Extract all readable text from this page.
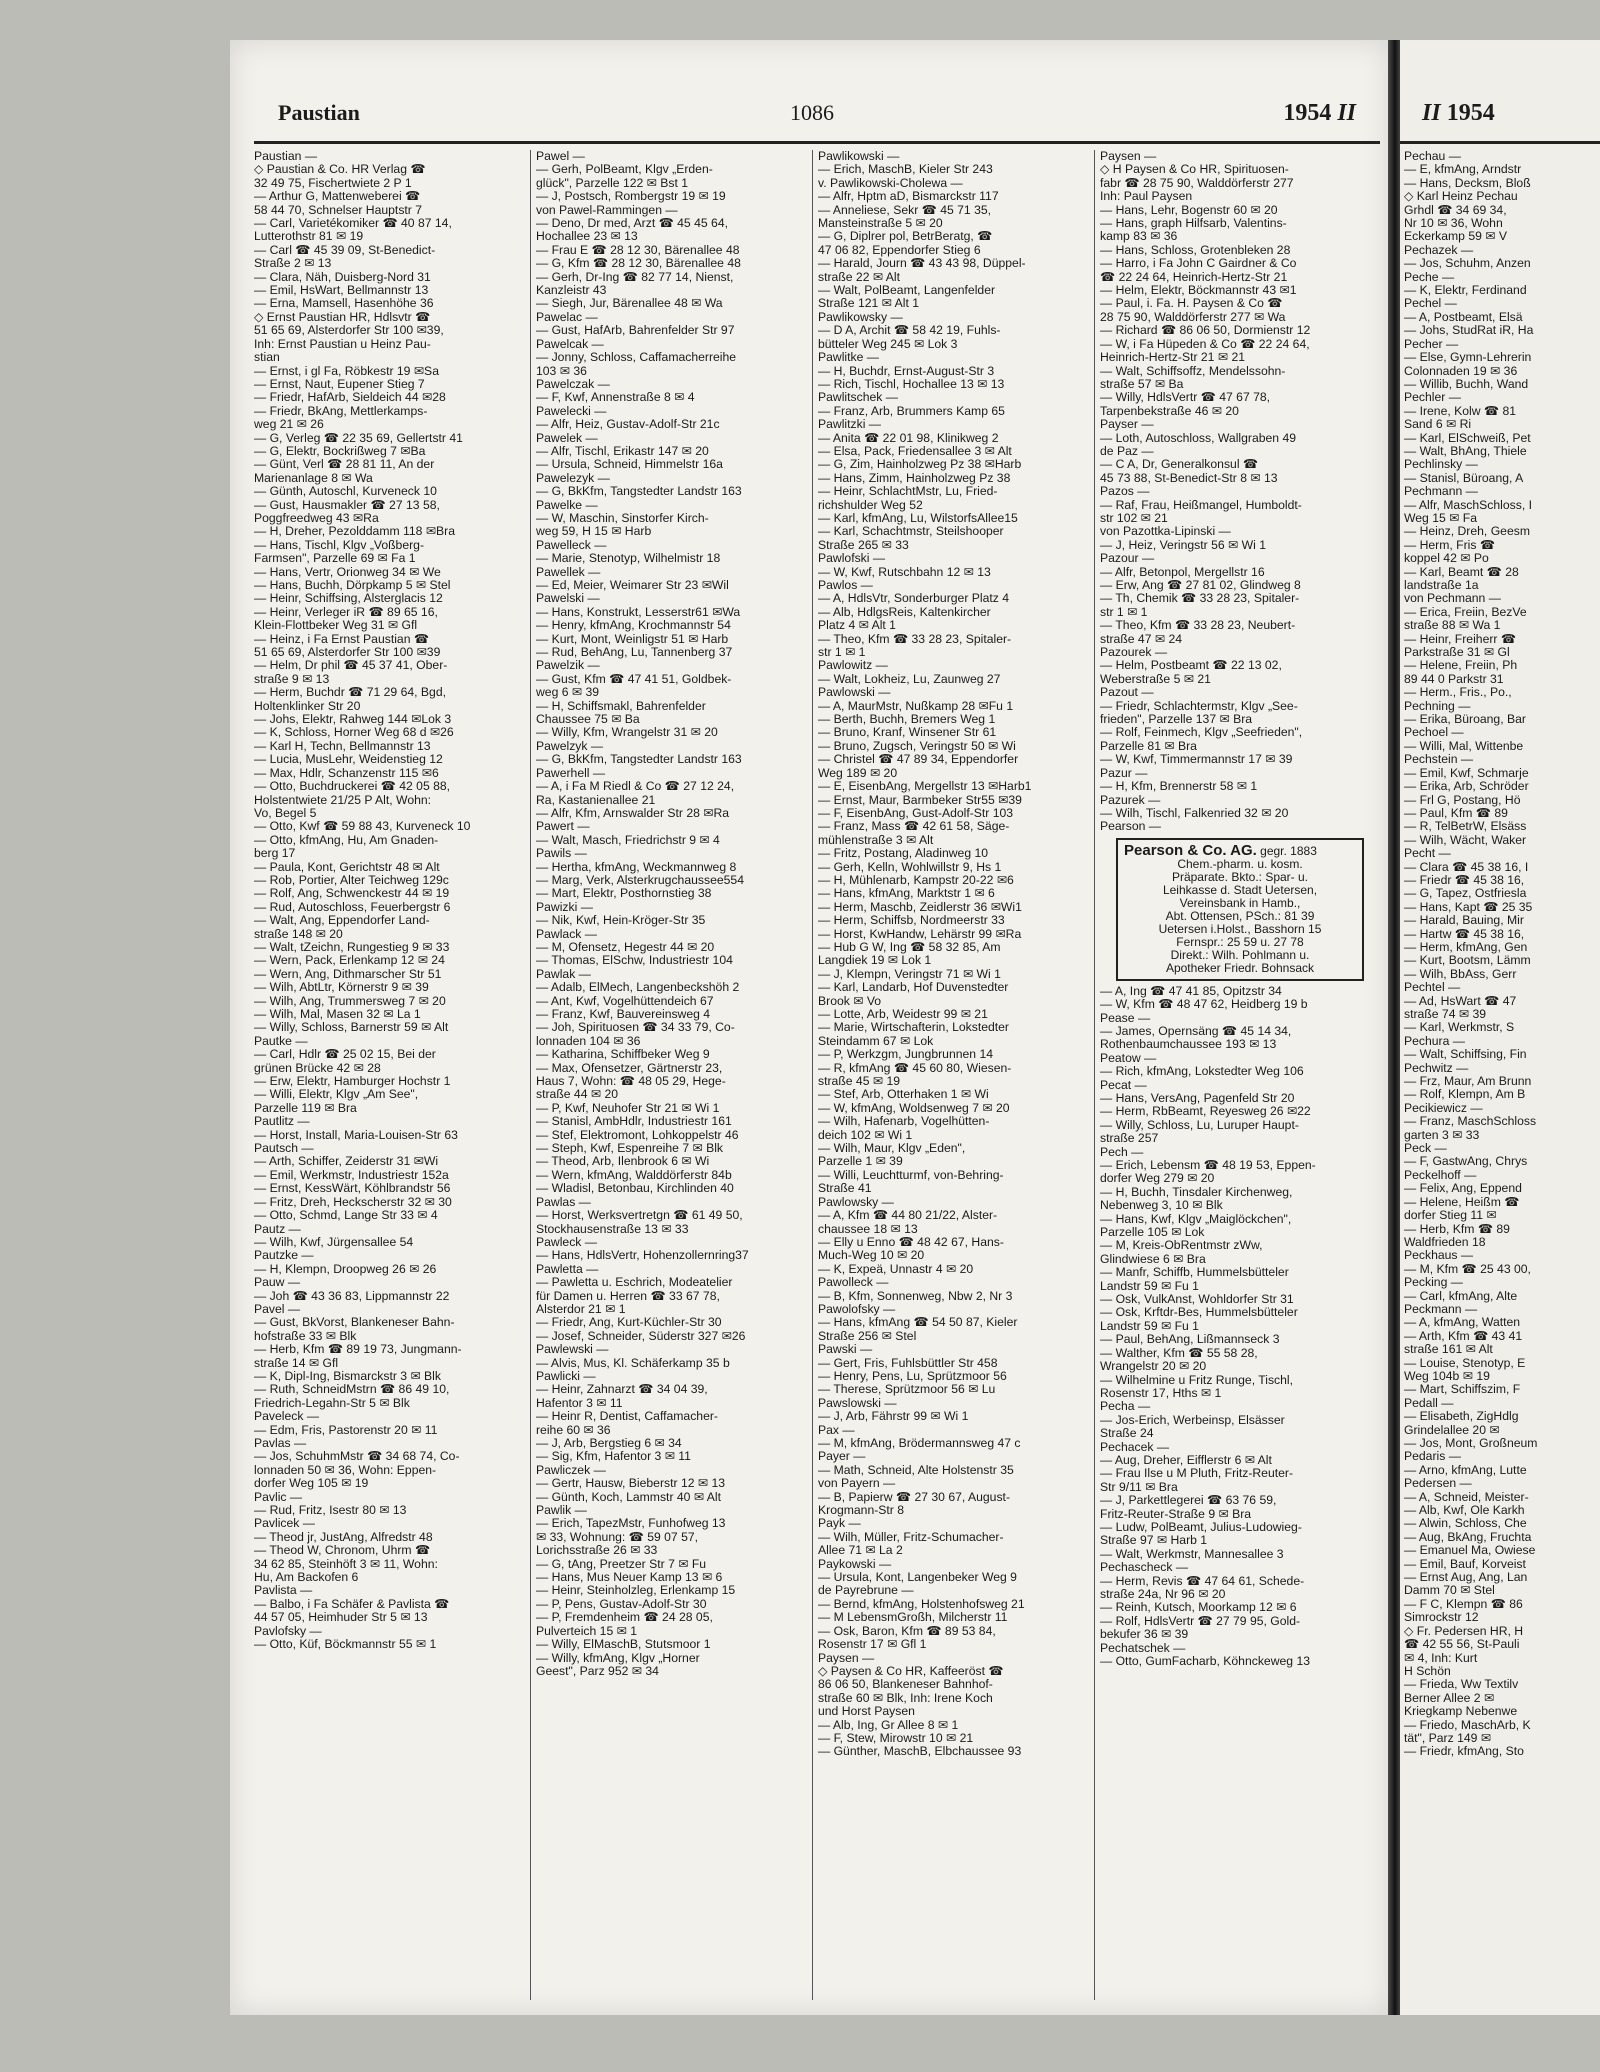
Paustian	1086	1954 II
Paustian —
◇ Paustian & Co. HR Verlag ☎
32 49 75, Fischertwiete 2 P 1
— Arthur G, Mattenweberei ☎
58 44 70, Schnelser Hauptstr 7
— Carl, Varietékomiker ☎ 40 87 14,
Lutterothstr 81 ✉ 19
— Carl ☎ 45 39 09, St-Benedict-
Straße 2 ✉ 13
— Clara, Näh, Duisberg-Nord 31
— Emil, HsWart, Bellmannstr 13
— Erna, Mamsell, Hasenhöhe 36
◇ Ernst Paustian HR, Hdlsvtr ☎
51 65 69, Alsterdorfer Str 100 ✉39,
Inh: Ernst Paustian u Heinz Pau-
stian
— Ernst, i gl Fa, Röbkestr 19 ✉Sa
— Ernst, Naut, Eupener Stieg 7
— Friedr, HafArb, Sieldeich 44 ✉28
— Friedr, BkAng, Mettlerkamps-
weg 21 ✉ 26
— G, Verleg ☎ 22 35 69, Gellertstr 41
— G, Elektr, Bockrißweg 7 ✉Ba
— Günt, Verl ☎ 28 81 11, An der
Marienanlage 8 ✉ Wa
— Günth, Autoschl, Kurveneck 10
— Gust, Hausmakler ☎ 27 13 58,
Poggfreedweg 43 ✉Ra
— H, Dreher, Pezolddamm 118 ✉Bra
— Hans, Tischl, Klgv „Voßberg-
Farmsen", Parzelle 69 ✉ Fa 1
— Hans, Vertr, Orionweg 34 ✉ We
— Hans, Buchh, Dörpkamp 5 ✉ Stel
— Heinr, Schiffsing, Alsterglacis 12
— Heinr, Verleger iR ☎ 89 65 16,
Klein-Flottbeker Weg 31 ✉ Gfl
— Heinz, i Fa Ernst Paustian ☎
51 65 69, Alsterdorfer Str 100 ✉39
— Helm, Dr phil ☎ 45 37 41, Ober-
straße 9 ✉ 13
— Herm, Buchdr ☎ 71 29 64, Bgd,
Holtenklinker Str 20
— Johs, Elektr, Rahweg 144 ✉Lok 3
— K, Schloss, Horner Weg 68 d ✉26
— Karl H, Techn, Bellmannstr 13
— Lucia, MusLehr, Weidenstieg 12
— Max, Hdlr, Schanzenstr 115 ✉6
— Otto, Buchdruckerei ☎ 42 05 88,
Holstentwiete 21/25 P Alt, Wohn:
Vo, Begel 5
— Otto, Kwf ☎ 59 88 43, Kurveneck 10
— Otto, kfmAng, Hu, Am Gnaden-
berg 17
— Paula, Kont, Gerichtstr 48 ✉ Alt
— Rob, Portier, Alter Teichweg 129c
— Rolf, Ang, Schwenckestr 44 ✉ 19
— Rud, Autoschloss, Feuerbergstr 6
— Walt, Ang, Eppendorfer Land-
straße 148 ✉ 20
— Walt, tZeichn, Rungestieg 9 ✉ 33
— Wern, Pack, Erlenkamp 12 ✉ 24
— Wern, Ang, Dithmarscher Str 51
— Wilh, AbtLtr, Körnerstr 9 ✉ 39
— Wilh, Ang, Trummersweg 7 ✉ 20
— Wilh, Mal, Masen 32 ✉ La 1
— Willy, Schloss, Barnerstr 59 ✉ Alt
Pautke —
— Carl, Hdlr ☎ 25 02 15, Bei der
grünen Brücke 42 ✉ 28
— Erw, Elektr, Hamburger Hochstr 1
— Willi, Elektr, Klgv „Am See",
Parzelle 119 ✉ Bra
Pautlitz —
— Horst, Install, Maria-Louisen-Str 63
Pautsch —
— Arth, Schiffer, Zeiderstr 31 ✉Wi
— Emil, Werkmstr, Industriestr 152a
— Ernst, KessWärt, Köhlbrandstr 56
— Fritz, Dreh, Heckscherstr 32 ✉ 30
— Otto, Schmd, Lange Str 33 ✉ 4
Pautz —
— Wilh, Kwf, Jürgensallee 54
Pautzke —
— H, Klempn, Droopweg 26 ✉ 26
Pauw —
— Joh ☎ 43 36 83, Lippmannstr 22
Pavel —
— Gust, BkVorst, Blankeneser Bahn-
hofstraße 33 ✉ Blk
— Herb, Kfm ☎ 89 19 73, Jungmann-
straße 14 ✉ Gfl
— K, Dipl-Ing, Bismarckstr 3 ✉ Blk
— Ruth, SchneidMstrn ☎ 86 49 10,
Friedrich-Legahn-Str 5 ✉ Blk
Paveleck —
— Edm, Fris, Pastorenstr 20 ✉ 11
Pavlas —
— Jos, SchuhmMstr ☎ 34 68 74, Co-
lonnaden 50 ✉ 36, Wohn: Eppen-
dorfer Weg 105 ✉ 19
Pavlic —
— Rud, Fritz, Isestr 80 ✉ 13
Pavlicek —
— Theod jr, JustAng, Alfredstr 48
— Theod W, Chronom, Uhrm ☎
34 62 85, Steinhöft 3 ✉ 11, Wohn:
Hu, Am Backofen 6
Pavlista —
— Balbo, i Fa Schäfer & Pavlista ☎
44 57 05, Heimhuder Str 5 ✉ 13
Pavlofsky —
— Otto, Küf, Böckmannstr 55 ✉ 1
Pawel —
— Gerh, PolBeamt, Klgv „Erden-
glück", Parzelle 122 ✉ Bst 1
— J, Postsch, Rombergstr 19 ✉ 19
von Pawel-Rammingen —
— Deno, Dr med, Arzt ☎ 45 45 64,
Hochallee 23 ✉ 13
— Frau E ☎ 28 12 30, Bärenallee 48
— G, Kfm ☎ 28 12 30, Bärenallee 48
— Gerh, Dr-Ing ☎ 82 77 14, Nienst,
Kanzleistr 43
— Siegh, Jur, Bärenallee 48 ✉ Wa
Pawelac —
— Gust, HafArb, Bahrenfelder Str 97
Pawelcak —
— Jonny, Schloss, Caffamacherreihe
103 ✉ 36
Pawelczak —
— F, Kwf, Annenstraße 8 ✉ 4
Pawelecki —
— Alfr, Heiz, Gustav-Adolf-Str 21c
Pawelek —
— Alfr, Tischl, Erikastr 147 ✉ 20
— Ursula, Schneid, Himmelstr 16a
Pawelezyk —
— G, BkKfm, Tangstedter Landstr 163
Pawelke —
— W, Maschin, Sinstorfer Kirch-
weg 59, H 15 ✉ Harb
Pawelleck —
— Marie, Stenotyp, Wilhelmistr 18
Pawellek —
— Ed, Meier, Weimarer Str 23 ✉Wil
Pawelski —
— Hans, Konstrukt, Lesserstr61 ✉Wa
— Henry, kfmAng, Krochmannstr 54
— Kurt, Mont, Weinligstr 51 ✉ Harb
— Rud, BehAng, Lu, Tannenberg 37
Pawelzik —
— Gust, Kfm ☎ 47 41 51, Goldbek-
weg 6 ✉ 39
— H, Schiffsmakl, Bahrenfelder
Chaussee 75 ✉ Ba
— Willy, Kfm, Wrangelstr 31 ✉ 20
Pawelzyk —
— G, BkKfm, Tangstedter Landstr 163
Pawerhell —
— A, i Fa M Riedl & Co ☎ 27 12 24,
Ra, Kastanienallee 21
— Alfr, Kfm, Arnswalder Str 28 ✉Ra
Pawert —
— Walt, Masch, Friedrichstr 9 ✉ 4
Pawils —
— Hertha, kfmAng, Weckmannweg 8
— Marg, Verk, Alsterkrugchaussee554
— Mart, Elektr, Posthornstieg 38
Pawizki —
— Nik, Kwf, Hein-Kröger-Str 35
Pawlack —
— M, Ofensetz, Hegestr 44 ✉ 20
— Thomas, ElSchw, Industriestr 104
Pawlak —
— Adalb, ElMech, Langenbeckshöh 2
— Ant, Kwf, Vogelhüttendeich 67
— Franz, Kwf, Bauvereinsweg 4
— Joh, Spirituosen ☎ 34 33 79, Co-
lonnaden 104 ✉ 36
— Katharina, Schiffbeker Weg 9
— Max, Ofensetzer, Gärtnerstr 23,
Haus 7, Wohn: ☎ 48 05 29, Hege-
straße 44 ✉ 20
— P, Kwf, Neuhofer Str 21 ✉ Wi 1
— Stanisl, AmbHdlr, Industriestr 161
— Stef, Elektromont, Lohkoppelstr 46
— Steph, Kwf, Espenreihe 7 ✉ Blk
— Theod, Arb, Ilenbrook 6 ✉ Wi
— Wern, kfmAng, Walddörferstr 84b
— Wladisl, Betonbau, Kirchlinden 40
Pawlas —
— Horst, Werksvertretgn ☎ 61 49 50,
Stockhausenstraße 13 ✉ 33
Pawleck —
— Hans, HdlsVertr, Hohenzollernring37
Pawletta —
— Pawletta u. Eschrich, Modeatelier
für Damen u. Herren ☎ 33 67 78,
Alsterdor 21 ✉ 1
— Friedr, Ang, Kurt-Küchler-Str 30
— Josef, Schneider, Süderstr 327 ✉26
Pawlewski —
— Alvis, Mus, Kl. Schäferkamp 35 b
Pawlicki —
— Heinr, Zahnarzt ☎ 34 04 39,
Hafentor 3 ✉ 11
— Heinr R, Dentist, Caffamacher-
reihe 60 ✉ 36
— J, Arb, Bergstieg 6 ✉ 34
— Sig, Kfm, Hafentor 3 ✉ 11
Pawliczek —
— Gertr, Hausw, Bieberstr 12 ✉ 13
— Günth, Koch, Lammstr 40 ✉ Alt
Pawlik —
— Erich, TapezMstr, Funhofweg 13
✉ 33, Wohnung: ☎ 59 07 57,
Lorichsstraße 26 ✉ 33
— G, tAng, Preetzer Str 7 ✉ Fu
— Hans, Mus Neuer Kamp 13 ✉ 6
— Heinr, Steinholzleg, Erlenkamp 15
— P, Pens, Gustav-Adolf-Str 30
— P, Fremdenheim ☎ 24 28 05,
Pulverteich 15 ✉ 1
— Willy, ElMaschB, Stutsmoor 1
— Willy, kfmAng, Klgv „Horner
Geest", Parz 952 ✉ 34
Pawlikowski —
— Erich, MaschB, Kieler Str 243
v. Pawlikowski-Cholewa —
— Alfr, Hptm aD, Bismarckstr 117
— Anneliese, Sekr ☎ 45 71 35,
Mansteinstraße 5 ✉ 20
— G, Diplrer pol, BetrBeratg, ☎
47 06 82, Eppendorfer Stieg 6
— Harald, Journ ☎ 43 43 98, Düppel-
straße 22 ✉ Alt
— Walt, PolBeamt, Langenfelder
Straße 121 ✉ Alt 1
Pawlikowsky —
— D A, Archit ☎ 58 42 19, Fuhls-
bütteler Weg 245 ✉ Lok 3
Pawlitke —
— H, Buchdr, Ernst-August-Str 3
— Rich, Tischl, Hochallee 13 ✉ 13
Pawlitschek —
— Franz, Arb, Brummers Kamp 65
Pawlitzki —
— Anita ☎ 22 01 98, Klinikweg 2
— Elsa, Pack, Friedensallee 3 ✉ Alt
— G, Zim, Hainholzweg Pz 38 ✉Harb
— Hans, Zimm, Hainholzweg Pz 38
— Heinr, SchlachtMstr, Lu, Fried-
richshulder Weg 52
— Karl, kfmAng, Lu, WilstorfsAllee15
— Karl, Schachtmstr, Steilshooper
Straße 265 ✉ 33
Pawlofski —
— W, Kwf, Rutschbahn 12 ✉ 13
Pawlos —
— A, HdlsVtr, Sonderburger Platz 4
— Alb, HdlgsReis, Kaltenkircher
Platz 4 ✉ Alt 1
— Theo, Kfm ☎ 33 28 23, Spitaler-
str 1 ✉ 1
Pawlowitz —
— Walt, Lokheiz, Lu, Zaunweg 27
Pawlowski —
— A, MaurMstr, Nußkamp 28 ✉Fu 1
— Berth, Buchh, Bremers Weg 1
— Bruno, Kranf, Winsener Str 61
— Bruno, Zugsch, Veringstr 50 ✉ Wi
— Christel ☎ 47 89 34, Eppendorfer
Weg 189 ✉ 20
— E, EisenbAng, Mergellstr 13 ✉Harb1
— Ernst, Maur, Barmbeker Str55 ✉39
— F, EisenbAng, Gust-Adolf-Str 103
— Franz, Mass ☎ 42 61 58, Säge-
mühlenstraße 3 ✉ Alt
— Fritz, Postang, Aladinweg 10
— Gerh, Kelln, Wohlwillstr 9, Hs 1
— H, Mühlenarb, Kampstr 20-22 ✉6
— Hans, kfmAng, Marktstr 1 ✉ 6
— Herm, Maschb, Zeidlerstr 36 ✉Wi1
— Herm, Schiffsb, Nordmeerstr 33
— Horst, KwHandw, Lehärstr 99 ✉Ra
— Hub G W, Ing ☎ 58 32 85, Am
Langdiek 19 ✉ Lok 1
— J, Klempn, Veringstr 71 ✉ Wi 1
— Karl, Landarb, Hof Duvenstedter
Brook ✉ Vo
— Lotte, Arb, Weidestr 99 ✉ 21
— Marie, Wirtschafterin, Lokstedter
Steindamm 67 ✉ Lok
— P, Werkzgm, Jungbrunnen 14
— R, kfmAng ☎ 45 60 80, Wiesen-
straße 45 ✉ 19
— Stef, Arb, Otterhaken 1 ✉ Wi
— W, kfmAng, Woldsenweg 7 ✉ 20
— Wilh, Hafenarb, Vogelhütten-
deich 102 ✉ Wi 1
— Wilh, Maur, Klgv „Eden",
Parzelle 1 ✉ 39
— Willi, Leuchtturmf, von-Behring-
Straße 41
Pawlowsky —
— A, Kfm ☎ 44 80 21/22, Alster-
chaussee 18 ✉ 13
— Elly u Enno ☎ 48 42 67, Hans-
Much-Weg 10 ✉ 20
— K, Expeä, Unnastr 4 ✉ 20
Pawolleck —
— B, Kfm, Sonnenweg, Nbw 2, Nr 3
Pawolofsky —
— Hans, kfmAng ☎ 54 50 87, Kieler
Straße 256 ✉ Stel
Pawski —
— Gert, Fris, Fuhlsbüttler Str 458
— Henry, Pens, Lu, Sprützmoor 56
— Therese, Sprützmoor 56 ✉ Lu
Pawslowski —
— J, Arb, Fährstr 99 ✉ Wi 1
Pax —
— M, kfmAng, Brödermannsweg 47 c
Payer —
— Math, Schneid, Alte Holstenstr 35
von Payern —
— B, Papierw ☎ 27 30 67, August-
Krogmann-Str 8
Payk —
— Wilh, Müller, Fritz-Schumacher-
Allee 71 ✉ La 2
Paykowski —
— Ursula, Kont, Langenbeker Weg 9
de Payrebrune —
— Bernd, kfmAng, Holstenhofsweg 21
— M LebensmGroßh, Milcherstr 11
— Osk, Baron, Kfm ☎ 89 53 84,
Rosenstr 17 ✉ Gfl 1
Paysen —
◇ Paysen & Co HR, Kaffeeröst ☎
86 06 50, Blankeneser Bahnhof-
straße 60 ✉ Blk, Inh: Irene Koch
und Horst Paysen
— Alb, Ing, Gr Allee 8 ✉ 1
— F, Stew, Mirowstr 10 ✉ 21
— Günther, MaschB, Elbchaussee 93
Paysen —
◇ H Paysen & Co HR, Spirituosen-
fabr ☎ 28 75 90, Walddörferstr 277
Inh: Paul Paysen
— Hans, Lehr, Bogenstr 60 ✉ 20
— Hans, graph Hilfsarb, Valentins-
kamp 83 ✉ 36
— Hans, Schloss, Grotenbleken 28
— Harro, i Fa John C Gairdner & Co
☎ 22 24 64, Heinrich-Hertz-Str 21
— Helm, Elektr, Böckmannstr 43 ✉1
— Paul, i. Fa. H. Paysen & Co ☎
28 75 90, Walddörferstr 277 ✉ Wa
— Richard ☎ 86 06 50, Dormienstr 12
— W, i Fa Hüpeden & Co ☎ 22 24 64,
Heinrich-Hertz-Str 21 ✉ 21
— Walt, Schiffsoffz, Mendelssohn-
straße 57 ✉ Ba
— Willy, HdlsVertr ☎ 47 67 78,
Tarpenbekstraße 46 ✉ 20
Payser —
— Loth, Autoschloss, Wallgraben 49
de Paz —
— C A, Dr, Generalkonsul ☎
45 73 88, St-Benedict-Str 8 ✉ 13
Pazos —
— Raf, Frau, Heißmangel, Humboldt-
str 102 ✉ 21
von Pazottka-Lipinski —
— J, Heiz, Veringstr 56 ✉ Wi 1
Pazour —
— Alfr, Betonpol, Mergellstr 16
— Erw, Ang ☎ 27 81 02, Glindweg 8
— Th, Chemik ☎ 33 28 23, Spitaler-
str 1 ✉ 1
— Theo, Kfm ☎ 33 28 23, Neubert-
straße 47 ✉ 24
Pazourek —
— Helm, Postbeamt ☎ 22 13 02,
Weberstraße 5 ✉ 21
Pazout —
— Friedr, Schlachtermstr, Klgv „See-
frieden", Parzelle 137 ✉ Bra
— Rolf, Feinmech, Klgv „Seefrieden",
Parzelle 81 ✉ Bra
— W, Kwf, Timmermannstr 17 ✉ 39
Pazur —
— H, Kfm, Brennerstr 58 ✉ 1
Pazurek —
— Wilh, Tischl, Falkenried 32 ✉ 20
Pearson —
Pearson & Co. AG. gegr. 1883
Chem.-pharm. u. kosm.
Präparate. Bkto.: Spar- u.
Leihkasse d. Stadt Uetersen,
Vereinsbank in Hamb.,
Abt. Ottensen, PSch.: 81 39
Uetersen i.Holst., Basshorn 15
Fernspr.: 25 59 u. 27 78
Direkt.: Wilh. Pohlmann u.
Apotheker Friedr. Bohnsack
— A, Ing ☎ 47 41 85, Opitzstr 34
— W, Kfm ☎ 48 47 62, Heidberg 19 b
Pease —
— James, Opernsäng ☎ 45 14 34,
Rothenbaumchaussee 193 ✉ 13
Peatow —
— Rich, kfmAng, Lokstedter Weg 106
Pecat —
— Hans, VersAng, Pagenfeld Str 20
— Herm, RbBeamt, Reyesweg 26 ✉22
— Willy, Schloss, Lu, Luruper Haupt-
straße 257
Pech —
— Erich, Lebensm ☎ 48 19 53, Eppen-
dorfer Weg 279 ✉ 20
— H, Buchh, Tinsdaler Kirchenweg,
Nebenweg 3, 10 ✉ Blk
— Hans, Kwf, Klgv „Maiglöckchen",
Parzelle 105 ✉ Lok
— M, Kreis-ObRentmstr zWw,
Glindwiese 6 ✉ Bra
— Manfr, Schiffb, Hummelsbütteler
Landstr 59 ✉ Fu 1
— Osk, VulkAnst, Wohldorfer Str 31
— Osk, Krftdr-Bes, Hummelsbütteler
Landstr 59 ✉ Fu 1
— Paul, BehAng, Lißmannseck 3
— Walther, Kfm ☎ 55 58 28,
Wrangelstr 20 ✉ 20
— Wilhelmine u Fritz Runge, Tischl,
Rosenstr 17, Hths ✉ 1
Pecha —
— Jos-Erich, Werbeinsp, Elsässer
Straße 24
Pechacek —
— Aug, Dreher, Eifflerstr 6 ✉ Alt
— Frau Ilse u M Pluth, Fritz-Reuter-
Str 9/11 ✉ Bra
— J, Parkettlegerei ☎ 63 76 59,
Fritz-Reuter-Straße 9 ✉ Bra
— Ludw, PolBeamt, Julius-Ludowieg-
Straße 97 ✉ Harb 1
— Walt, Werkmstr, Mannesallee 3
Pechascheck —
— Herm, Revis ☎ 47 64 61, Schede-
straße 24a, Nr 96 ✉ 20
— Reinh, Kutsch, Moorkamp 12 ✉ 6
— Rolf, HdlsVertr ☎ 27 79 95, Gold-
bekufer 36 ✉ 39
Pechatschek —
— Otto, GumFacharb, Köhnckeweg 13
II 1954
Pechau —
— E, kfmAng, Arndstr
— Hans, Decksm, Bloß
◇ Karl Heinz Pechau
Grhdl ☎ 34 69 34,
Nr 10 ✉ 36, Wohn
Eckerkamp 59 ✉ V
Pechazek —
— Jos, Schuhm, Anzen
Peche —
— K, Elektr, Ferdinand
Pechel —
— A, Postbeamt, Elsä
— Johs, StudRat iR, Ha
Pecher —
— Else, Gymn-Lehrerin
Colonnaden 19 ✉ 36
— Willib, Buchh, Wand
Pechler —
— Irene, Kolw ☎ 81
Sand 6 ✉ Ri
— Karl, ElSchweiß, Pet
— Walt, BhAng, Thiele
Pechlinsky —
— Stanisl, Büroang, A
Pechmann —
— Alfr, MaschSchloss, I
Weg 15 ✉ Fa
— Heinz, Dreh, Geesm
— Herm, Fris ☎
koppel 42 ✉ Po
— Karl, Beamt ☎ 28
landstraße 1a
von Pechmann —
— Erica, Freiin, BezVe
straße 88 ✉ Wa 1
— Heinr, Freiherr ☎
Parkstraße 31 ✉ Gl
— Helene, Freiin, Ph
89 44 0 Parkstr 31
— Herm., Fris., Po.,
Pechning —
— Erika, Büroang, Bar
Pechoel —
— Willi, Mal, Wittenbe
Pechstein —
— Emil, Kwf, Schmarje
— Erika, Arb, Schröder
— Frl G, Postang, Hö
— Paul, Kfm ☎ 89
— R, TelBetrW, Elsäss
— Wilh, Wächt, Waker
Pecht —
— Clara ☎ 45 38 16, I
— Friedr ☎ 45 38 16,
— G, Tapez, Ostfriesla
— Hans, Kapt ☎ 25 35
— Harald, Bauing, Mir
— Hartw ☎ 45 38 16,
— Herm, kfmAng, Gen
— Kurt, Bootsm, Lämm
— Wilh, BbAss, Gerr
Pechtel —
— Ad, HsWart ☎ 47
straße 74 ✉ 39
— Karl, Werkmstr, S
Pechura —
— Walt, Schiffsing, Fin
Pechwitz —
— Frz, Maur, Am Brunn
— Rolf, Klempn, Am B
Pecikiewicz —
— Franz, MaschSchloss
garten 3 ✉ 33
Peck —
— F, GastwAng, Chrys
Peckelhoff —
— Felix, Ang, Eppend
— Helene, Heißm ☎
dorfer Stieg 11 ✉
— Herb, Kfm ☎ 89
Waldfrieden 18
Peckhaus —
— M, Kfm ☎ 25 43 00,
Pecking —
— Carl, kfmAng, Alte
Peckmann —
— A, kfmAng, Watten
— Arth, Kfm ☎ 43 41
straße 161 ✉ Alt
— Louise, Stenotyp, E
Weg 104b ✉ 19
— Mart, Schiffszim, F
Pedall —
— Elisabeth, ZigHdlg
Grindelallee 20 ✉
— Jos, Mont, Großneum
Pedaris —
— Arno, kfmAng, Lutte
Pedersen —
— A, Schneid, Meister-
— Alb, Kwf, Ole Karkh
— Alwin, Schloss, Che
— Aug, BkAng, Fruchta
— Emanuel Ma, Owiese
— Emil, Bauf, Korveist
— Ernst Aug, Ang, Lan
Damm 70 ✉ Stel
— F C, Klempn ☎ 86
Simrockstr 12
◇ Fr. Pedersen HR, H
☎ 42 55 56, St-Pauli
✉ 4, Inh: Kurt
H Schön
— Frieda, Ww Textilv
Berner Allee 2 ✉
Kriegkamp Nebenwe
— Friedo, MaschArb, K
tät", Parz 149 ✉
— Friedr, kfmAng, Sto
